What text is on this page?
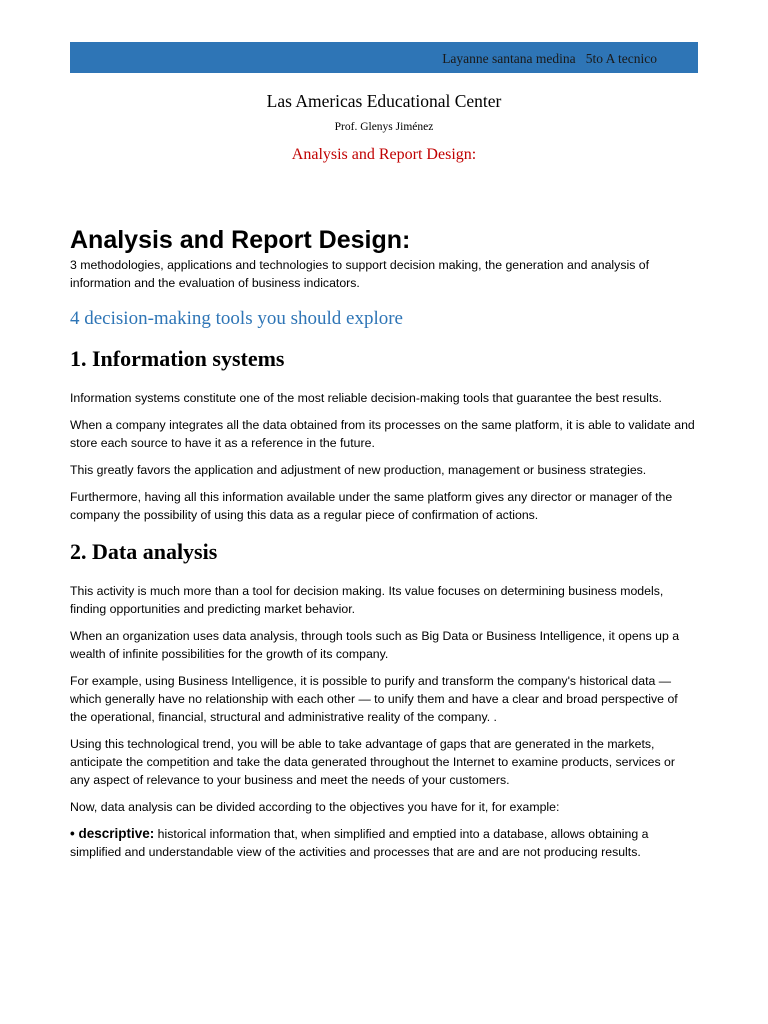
Layanne santana medina   5to A tecnico
Las Americas Educational Center
Prof. Glenys Jiménez
Analysis and Report Design:
Analysis and Report Design:

3 methodologies, applications and technologies to support decision making, the generation and analysis of information and the evaluation of business indicators.

4 decision-making tools you should explore
1. Information systems

Information systems constitute one of the most reliable decision-making tools that guarantee the best results.

When a company integrates all the data obtained from its processes on the same platform, it is able to validate and store each source to have it as a reference in the future.

This greatly favors the application and adjustment of new production, management or business strategies.

Furthermore, having all this information available under the same platform gives any director or manager of the company the possibility of using this data as a regular piece of confirmation of actions.

2. Data analysis

This activity is much more than a tool for decision making. Its value focuses on determining business models, finding opportunities and predicting market behavior.

When an organization uses data analysis, through tools such as Big Data or Business Intelligence, it opens up a wealth of infinite possibilities for the growth of its company.

For example, using Business Intelligence, it is possible to purify and transform the company's historical data — which generally have no relationship with each other — to unify them and have a clear and broad perspective of the operational, financial, structural and administrative reality of the company. .

Using this technological trend, you will be able to take advantage of gaps that are generated in the markets, anticipate the competition and take the data generated throughout the Internet to examine products, services or any aspect of relevance to your business and meet the needs of your customers.

Now, data analysis can be divided according to the objectives you have for it, for example:

• descriptive: historical information that, when simplified and emptied into a database, allows obtaining a simplified and understandable view of the activities and processes that are and are not producing results.
